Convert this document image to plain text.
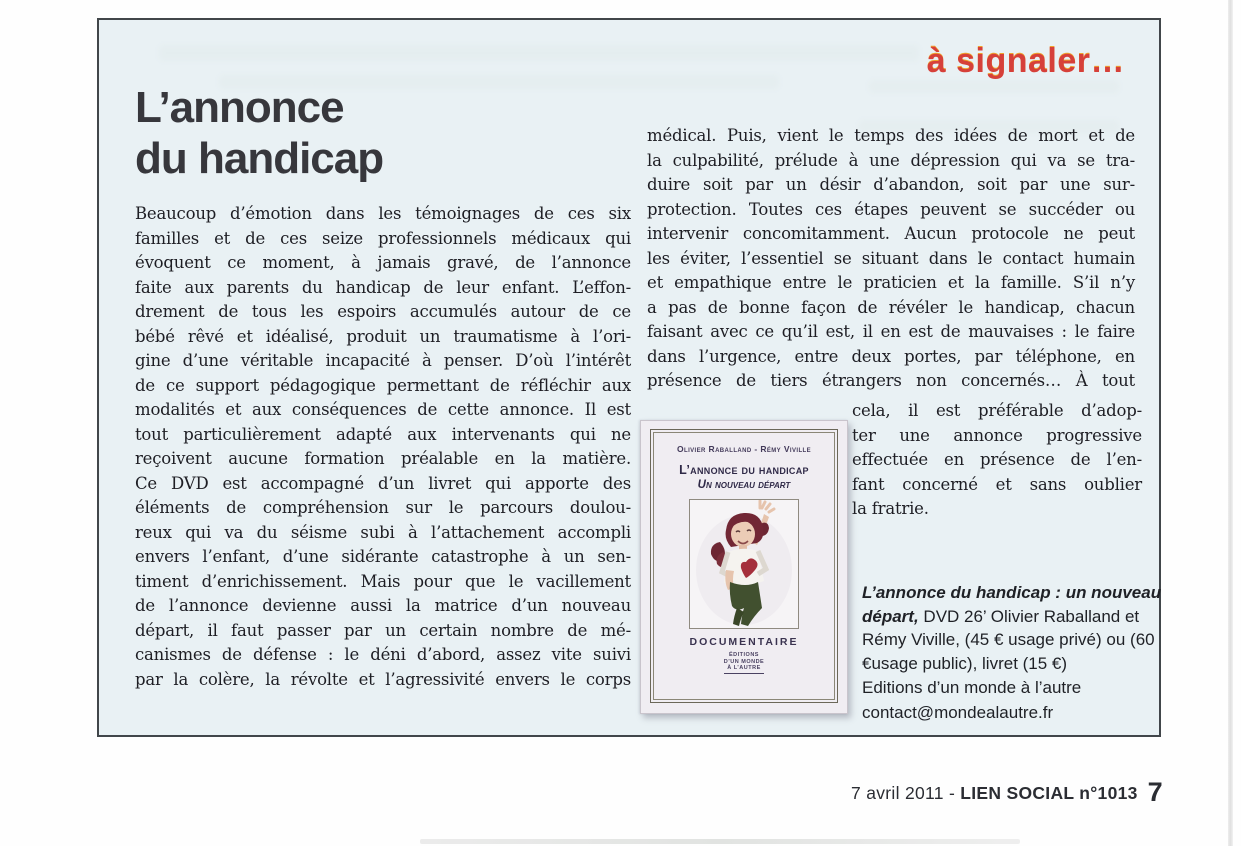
à signaler…
L’annonce
du handicap
Beaucoup d’émotion dans les témoignages de ces six
familles et de ces seize professionnels médicaux qui
évoquent ce moment, à jamais gravé, de l’annonce
faite aux parents du handicap de leur enfant. L’effon-
drement de tous les espoirs accumulés autour de ce
bébé rêvé et idéalisé, produit un traumatisme à l’ori-
gine d’une véritable incapacité à penser. D’où l’intérêt
de ce support pédagogique permettant de réfléchir aux
modalités et aux conséquences de cette annonce. Il est
tout particulièrement adapté aux intervenants qui ne
reçoivent aucune formation préalable en la matière.
Ce DVD est accompagné d’un livret qui apporte des
éléments de compréhension sur le parcours doulou-
reux qui va du séisme subi à l’attachement accompli
envers l’enfant, d’une sidérante catastrophe à un sen-
timent d’enrichissement. Mais pour que le vacillement
de l’annonce devienne aussi la matrice d’un nouveau
départ, il faut passer par un certain nombre de mé-
canismes de défense : le déni d’abord, assez vite suivi
par la colère, la révolte et l’agressivité envers le corps
médical. Puis, vient le temps des idées de mort et de
la culpabilité, prélude à une dépression qui va se tra-
duire soit par un désir d’abandon, soit par une sur-
protection. Toutes ces étapes peuvent se succéder ou
intervenir concomitamment. Aucun protocole ne peut
les éviter, l’essentiel se situant dans le contact humain
et empathique entre le praticien et la famille. S’il n’y
a pas de bonne façon de révéler le handicap, chacun
faisant avec ce qu’il est, il en est de mauvaises : le faire
dans l’urgence, entre deux portes, par téléphone, en
présence de tiers étrangers non concernés… À tout
cela, il est préférable d’adop-
ter une annonce progressive
effectuée en présence de l’en-
fant concerné et sans oublier
la fratrie.
Olivier Raballand - Rémy Viville
L’annonce du handicap
Un nouveau départ
DOCUMENTAIRE
ÉDITIONS
D’UN MONDE
À L’AUTRE
L’annonce du handicap : un nouveau départ, DVD 26’ Olivier Raballand et Rémy Viville, (45 € usage privé) ou (60 €usage public), livret (15 €)
Editions d’un monde à l’autre
contact@mondealautre.fr
7 avril 2011 - LIEN SOCIAL n°1013 7
